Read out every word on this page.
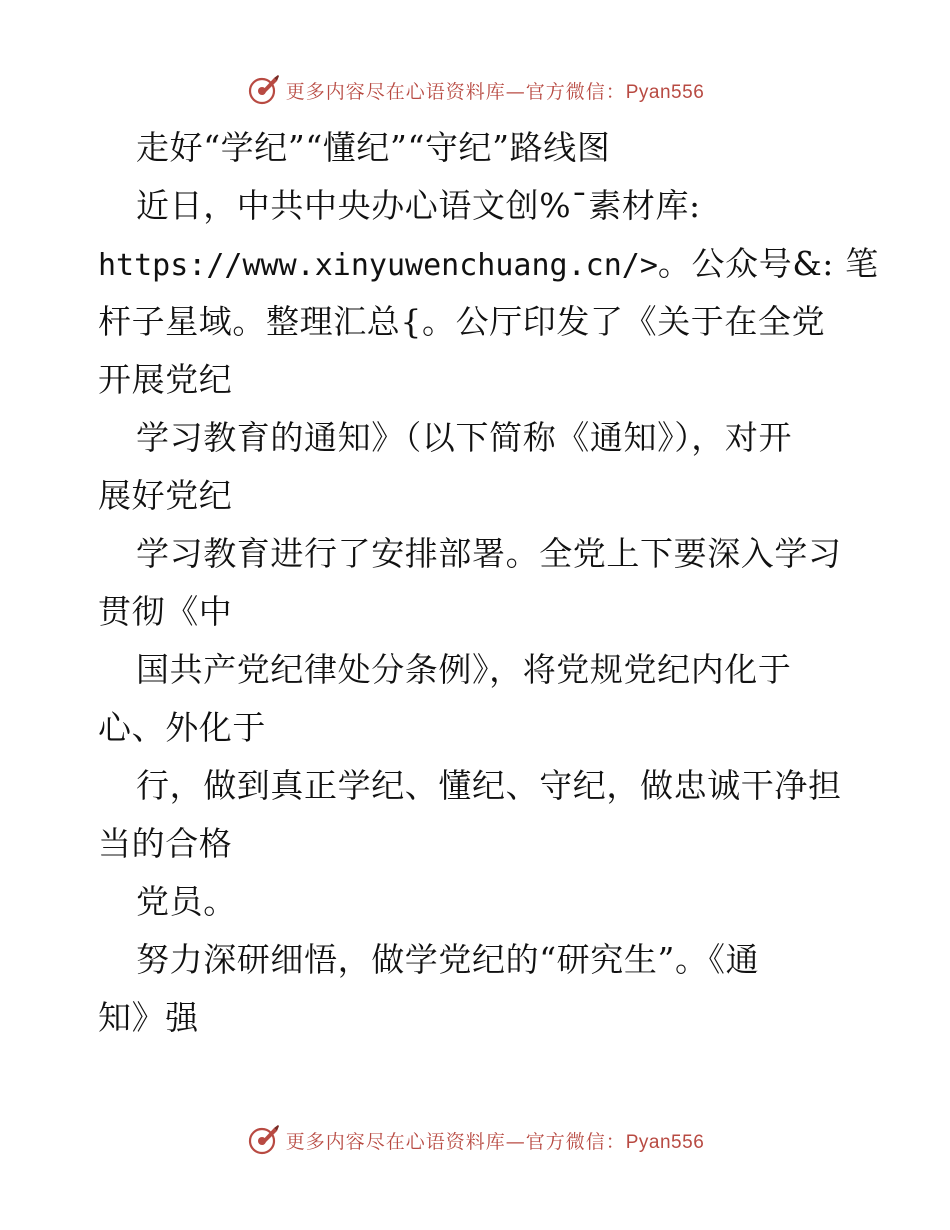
更多内容尽在心语资料库—官方微信：Pyan556
走好“学纪”“懂纪”“守纪”路线图
近日，中共中央办心语文创%¯素材库:
https://www.xinyuwenchuang.cn/>。公众号&: 笔
杆子星域。整理汇总{。公厅印发了《关于在全党
开展党纪
学习教育的通知》（以下简称《通知》），对开
展好党纪
学习教育进行了安排部署。全党上下要深入学习
贯彻《中
国共产党纪律处分条例》，将党规党纪内化于
心、外化于
行，做到真正学纪、懂纪、守纪，做忠诚干净担
当的合格
党员。
努力深研细悟，做学党纪的“研究生”。《通
知》强
更多内容尽在心语资料库—官方微信：Pyan556
